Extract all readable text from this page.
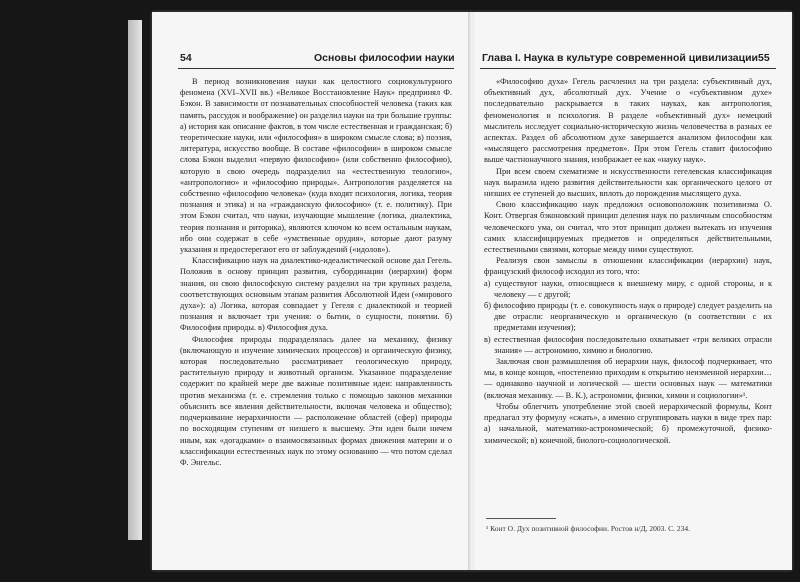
54	Основы философии науки

В период возникновения науки как целостного социокультурного феномена (XVI–XVII вв.) «Великое Восстановление Наук» предпринял Ф. Бэкон. В зависимости от познавательных способностей человека (таких как память, рассудок и воображение) он разделил науки на три большие группы: а) история как описание фактов, в том числе естественная и гражданская; б) теоретические науки, или «философия» в широком смысле слова; в) поэзия, литература, искусство вообще. В составе «философии» в широком смысле слова Бэкон выделил «первую философию» (или собственно философию), которую в свою очередь подразделил на «естественную теологию», «антропологию» и «философию природы». Антропология разделяется на собственно «философию человека» (куда входят психология, логика, теория познания и этика) и на «гражданскую философию» (т. е. политику). При этом Бэкон считал, что науки, изучающие мышление (логика, диалектика, теория познания и риторика), являются ключом ко всем остальным наукам, ибо они содержат в себе «умственные орудия», которые дают разуму указания и предостерегают его от заблуждений («идолов»).

Классификацию наук на диалектико-идеалистической основе дал Гегель. Положив в основу принцип развития, субординации (иерархии) форм знания, он свою философскую систему разделил на три крупных раздела, соответствующих основным этапам развития Абсолютной Идеи («мирового духа»): а) Логика, которая совпадает у Гегеля с диалектикой и теорией познания и включает три учения: о бытии, о сущности, понятии. б) Философия природы. в) Философия духа.

Философия природы подразделялась далее на механику, физику (включающую и изучение химических процессов) и органическую физику, которая последовательно рассматривает геологическую природу, растительную природу и животный организм. Указанное подразделение содержит по крайней мере две важные позитивные идеи: направленность против механизма (т. е. стремления только с помощью законов механики объяснить все явления действительности, включая человека и общество); подчеркивание иерархичности — расположение областей (сфер) природы по восходящим ступеням от низшего к высшему. Эти идеи были ничем иным, как «догадками» о взаимосвязанных формах движения материи и о классификации естественных наук по этому основанию — что потом сделал Ф. Энгельс.

Глава I. Наука в культуре современной цивилизации 55

«Философию духа» Гегель расчленил на три раздела: субъективный дух, объективный дух, абсолютный дух. Учение о «субъективном духе» последовательно раскрывается в таких науках, как антропология, феноменология и психология. В разделе «объективный дух» немецкий мыслитель исследует социально-историческую жизнь человечества в разных ее аспектах. Раздел об абсолютном духе завершается анализом философии как «мыслящего рассмотрения предметов». При этом Гегель ставит философию выше частнонаучного знания, изображает ее как «науку наук».

При всем своем схематизме и искусственности гегелевская классификация наук выразила идею развития действительности как органического целого от низших ее ступеней до высших, вплоть до порождения мыслящего духа.

Свою классификацию наук предложил основоположник позитивизма О. Конт. Отвергая бэконовский принцип деления наук по различным способностям человеческого ума, он считал, что этот принцип должен вытекать из изучения самих классифицируемых предметов и определяться действительными, естественными связями, которые между ними существуют.

Реализуя свои замыслы в отношении классификации (иерархии) наук, французский философ исходил из того, что:

а) существуют науки, относящиеся к внешнему миру, с одной стороны, и к человеку — с другой;

б) философию природы (т. е. совокупность наук о природе) следует разделить на две отрасли: неорганическую и органическую (в соответствии с их предметами изучения);

в) естественная философия последовательно охватывает «три великих отрасли знания» — астрономию, химию и биологию.

Заключая свои размышления об иерархии наук, философ подчеркивает, что мы, в конце концов, «постепенно приходим к открытию неизменной иерархии… — одинаково научной и логической — шести основных наук — математики (включая механику. — В. К.), астрономии, физики, химии и социологии»¹.

Чтобы облегчить употребление этой своей иерархической формулы, Конт предлагал эту формулу «сжать», а именно сгруппировать науки в виде трех пар: а) начальной, математико-астрономической; б) промежуточной, физико-химической; в) конечной, биолого-социологической.

¹ Конт О. Дух позитивной философии. Ростов н/Д, 2003. С. 234.
